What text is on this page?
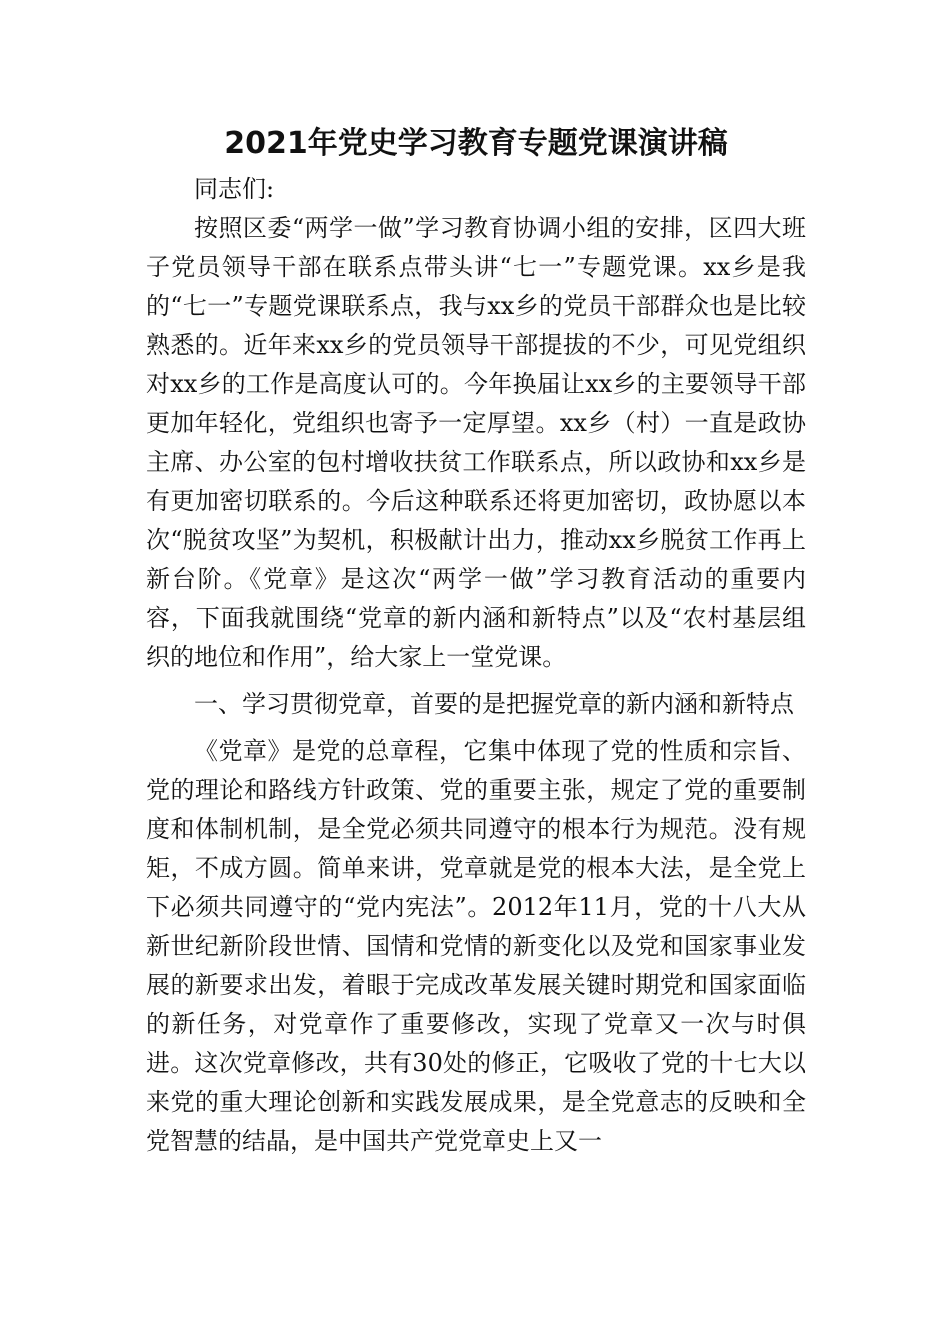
2021年党史学习教育专题党课演讲稿

同志们:

按照区委“两学一做”学习教育协调小组的安排，区四大班子党员领导干部在联系点带头讲“七一”专题党课。xx乡是我的“七一”专题党课联系点，我与xx乡的党员干部群众也是比较熟悉的。近年来xx乡的党员领导干部提拔的不少，可见党组织对xx乡的工作是高度认可的。今年换届让xx乡的主要领导干部更加年轻化，党组织也寄予一定厚望。xx乡（村）一直是政协主席、办公室的包村增收扶贫工作联系点，所以政协和xx乡是有更加密切联系的。今后这种联系还将更加密切，政协愿以本次“脱贫攻坚”为契机，积极献计出力，推动xx乡脱贫工作再上新台阶。《党章》是这次“两学一做”学习教育活动的重要内容，下面我就围绕“党章的新内涵和新特点”以及“农村基层组织的地位和作用”，给大家上一堂党课。

一、学习贯彻党章，首要的是把握党章的新内涵和新特点

《党章》是党的总章程，它集中体现了党的性质和宗旨、党的理论和路线方针政策、党的重要主张，规定了党的重要制度和体制机制，是全党必须共同遵守的根本行为规范。没有规矩，不成方圆。简单来讲，党章就是党的根本大法，是全党上下必须共同遵守的“党内宪法”。2012年11月，党的十八大从新世纪新阶段世情、国情和党情的新变化以及党和国家事业发展的新要求出发，着眼于完成改革发展关键时期党和国家面临的新任务，对党章作了重要修改，实现了党章又一次与时俱进。这次党章修改，共有30处的修正，它吸收了党的十七大以来党的重大理论创新和实践发展成果，是全党意志的反映和全党智慧的结晶，是中国共产党党章史上又一
